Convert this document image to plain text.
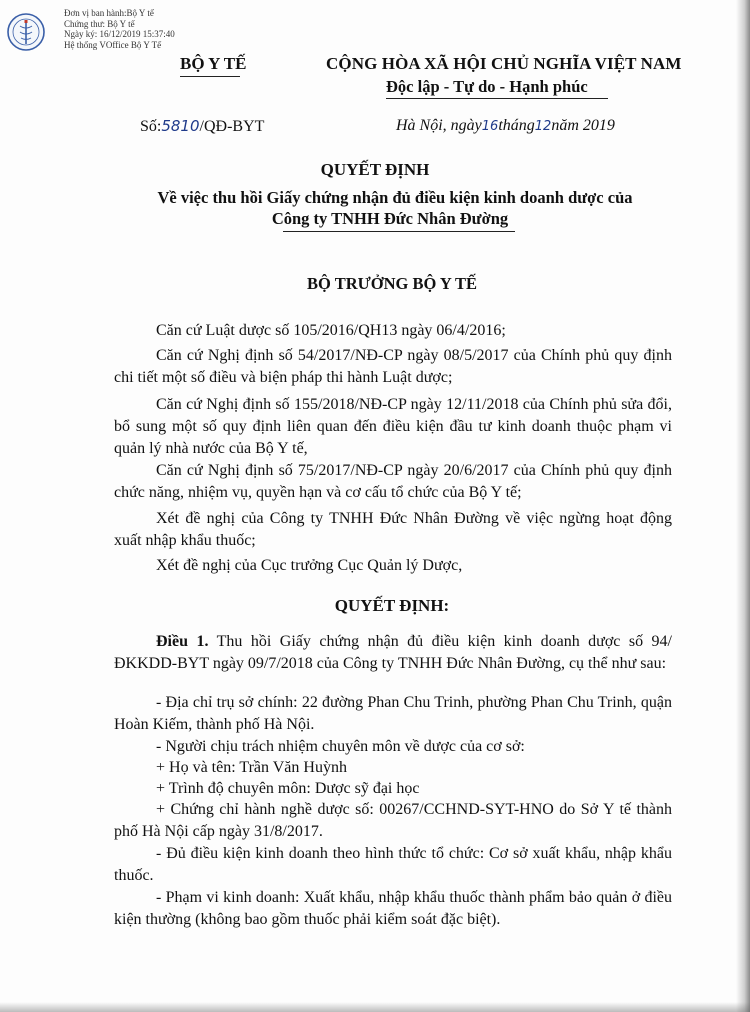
Đơn vị ban hành:Bộ Y tế
Chứng thư: Bộ Y tế
Ngày ký: 16/12/2019 15:37:40
Hệ thống VOffice Bộ Y Tế
BỘ Y TẾ	CỘNG HÒA XÃ HỘI CHỦ NGHĨA VIỆT NAM
Độc lập - Tự do - Hạnh phúc
Số:5810/QĐ-BYT	Hà Nội, ngày16tháng12năm 2019
QUYẾT ĐỊNH
Về việc thu hồi Giấy chứng nhận đủ điều kiện kinh doanh dược của
Công ty TNHH Đức Nhân Đường
BỘ TRƯỞNG BỘ Y TẾ
Căn cứ Luật dược số 105/2016/QH13 ngày 06/4/2016;
Căn cứ Nghị định số 54/2017/NĐ-CP ngày 08/5/2017 của Chính phủ quy định chi tiết một số điều và biện pháp thi hành Luật dược;
Căn cứ Nghị định số 155/2018/NĐ-CP ngày 12/11/2018 của Chính phủ sửa đổi, bổ sung một số quy định liên quan đến điều kiện đầu tư kinh doanh thuộc phạm vi quản lý nhà nước của Bộ Y tế,
Căn cứ Nghị định số 75/2017/NĐ-CP ngày 20/6/2017 của Chính phủ quy định chức năng, nhiệm vụ, quyền hạn và cơ cấu tổ chức của Bộ Y tế;
Xét đề nghị của Công ty TNHH Đức Nhân Đường về việc ngừng hoạt động xuất nhập khẩu thuốc;
Xét đề nghị của Cục trưởng Cục Quản lý Dược,
QUYẾT ĐỊNH:
Điều 1. Thu hồi Giấy chứng nhận đủ điều kiện kinh doanh dược số 94/ĐKKDD-BYT ngày 09/7/2018 của Công ty TNHH Đức Nhân Đường, cụ thể như sau:
- Địa chỉ trụ sở chính: 22 đường Phan Chu Trinh, phường Phan Chu Trinh, quận Hoàn Kiếm, thành phố Hà Nội.
- Người chịu trách nhiệm chuyên môn về dược của cơ sở:
+ Họ và tên: Trần Văn Huỳnh
+ Trình độ chuyên môn: Dược sỹ đại học
+ Chứng chỉ hành nghề dược số: 00267/CCHND-SYT-HNO do Sở Y tế thành phố Hà Nội cấp ngày 31/8/2017.
- Đủ điều kiện kinh doanh theo hình thức tổ chức: Cơ sở xuất khẩu, nhập khẩu thuốc.
- Phạm vi kinh doanh: Xuất khẩu, nhập khẩu thuốc thành phẩm bảo quản ở điều kiện thường (không bao gồm thuốc phải kiểm soát đặc biệt).
